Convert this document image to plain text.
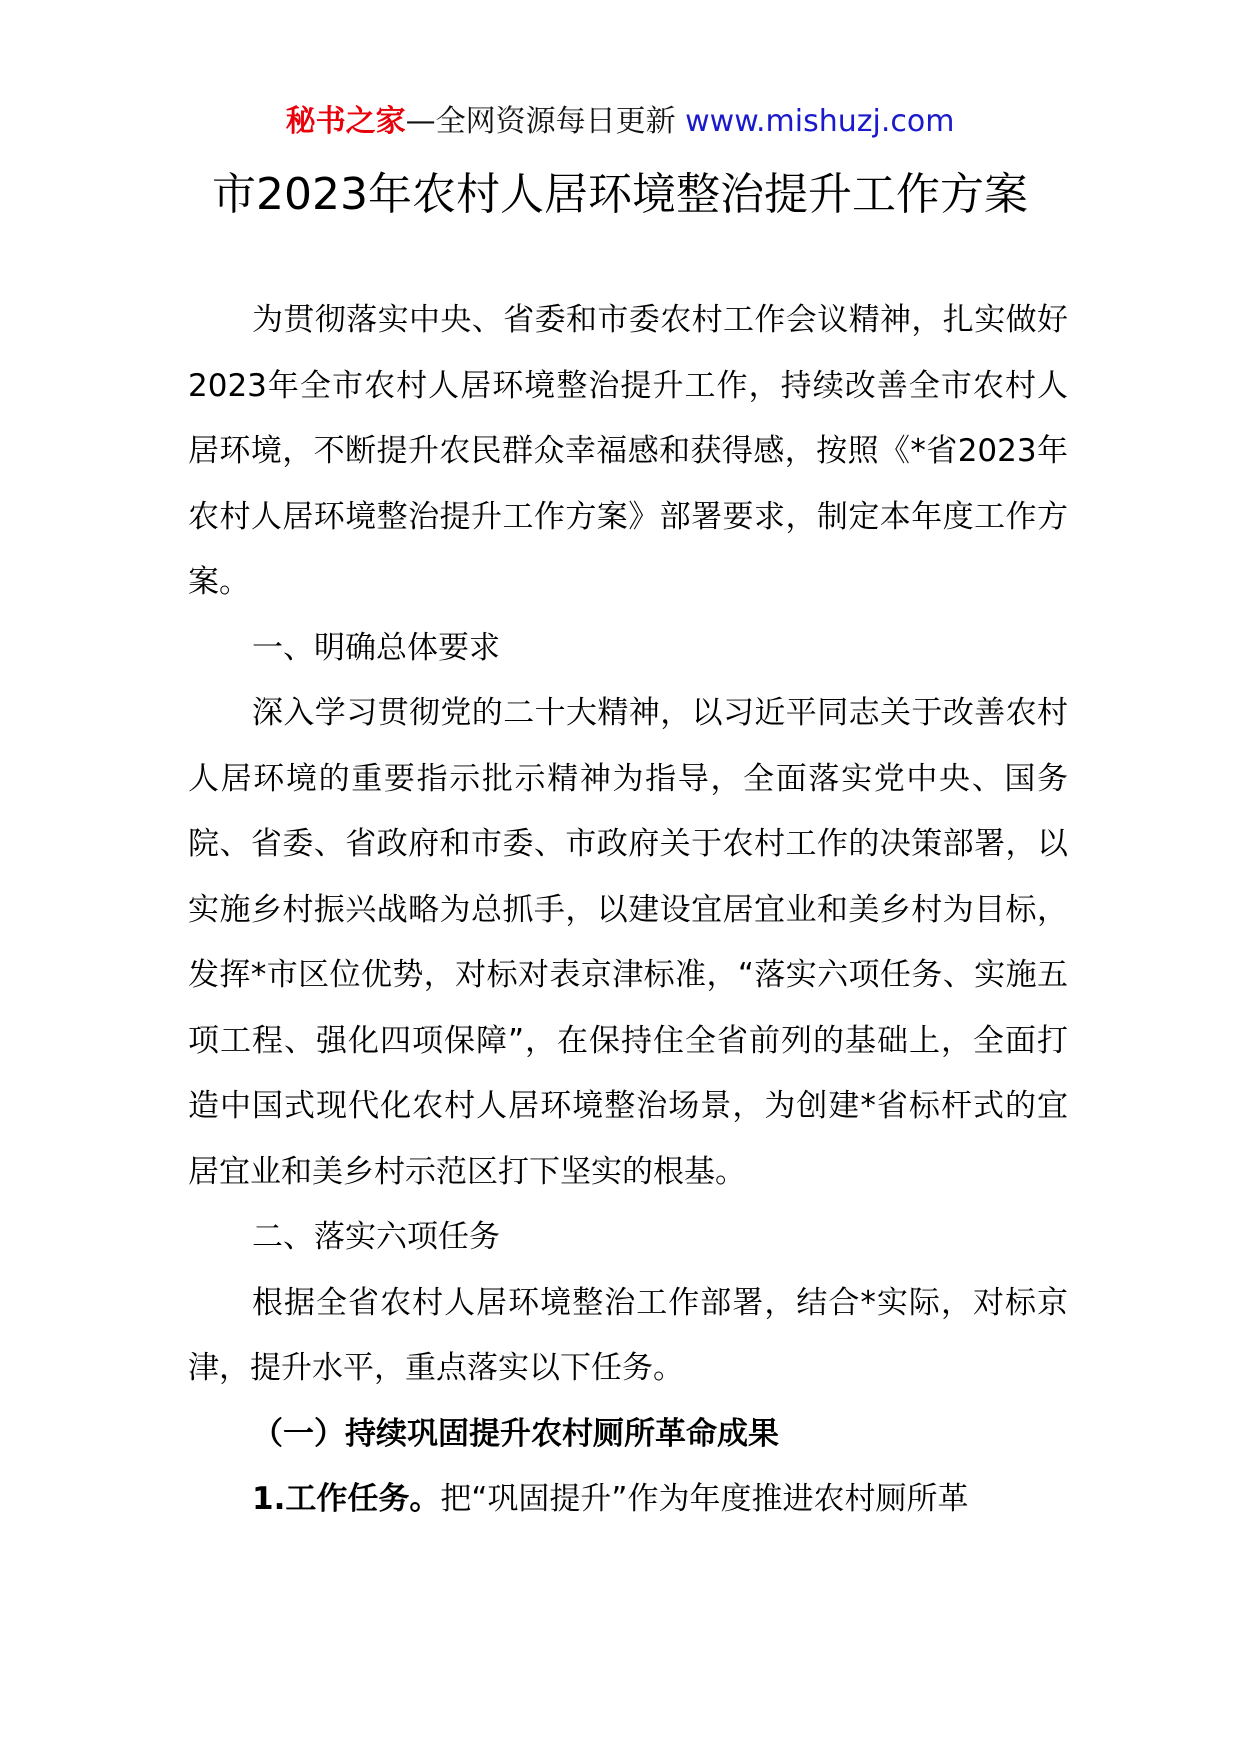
秘书之家—全网资源每日更新 www.mishuzj.com
市2023年农村人居环境整治提升工作方案

为贯彻落实中央、省委和市委农村工作会议精神，扎实做好2023年全市农村人居环境整治提升工作，持续改善全市农村人居环境，不断提升农民群众幸福感和获得感，按照《*省2023年农村人居环境整治提升工作方案》部署要求，制定本年度工作方案。

一、明确总体要求

深入学习贯彻党的二十大精神，以习近平同志关于改善农村人居环境的重要指示批示精神为指导，全面落实党中央、国务院、省委、省政府和市委、市政府关于农村工作的决策部署，以实施乡村振兴战略为总抓手，以建设宜居宜业和美乡村为目标，发挥*市区位优势，对标对表京津标准，“落实六项任务、实施五项工程、强化四项保障”，在保持住全省前列的基础上，全面打造中国式现代化农村人居环境整治场景，为创建*省标杆式的宜居宜业和美乡村示范区打下坚实的根基。

二、落实六项任务

根据全省农村人居环境整治工作部署，结合*实际，对标京津，提升水平，重点落实以下任务。

（一）持续巩固提升农村厕所革命成果

1.工作任务。把“巩固提升”作为年度推进农村厕所革
